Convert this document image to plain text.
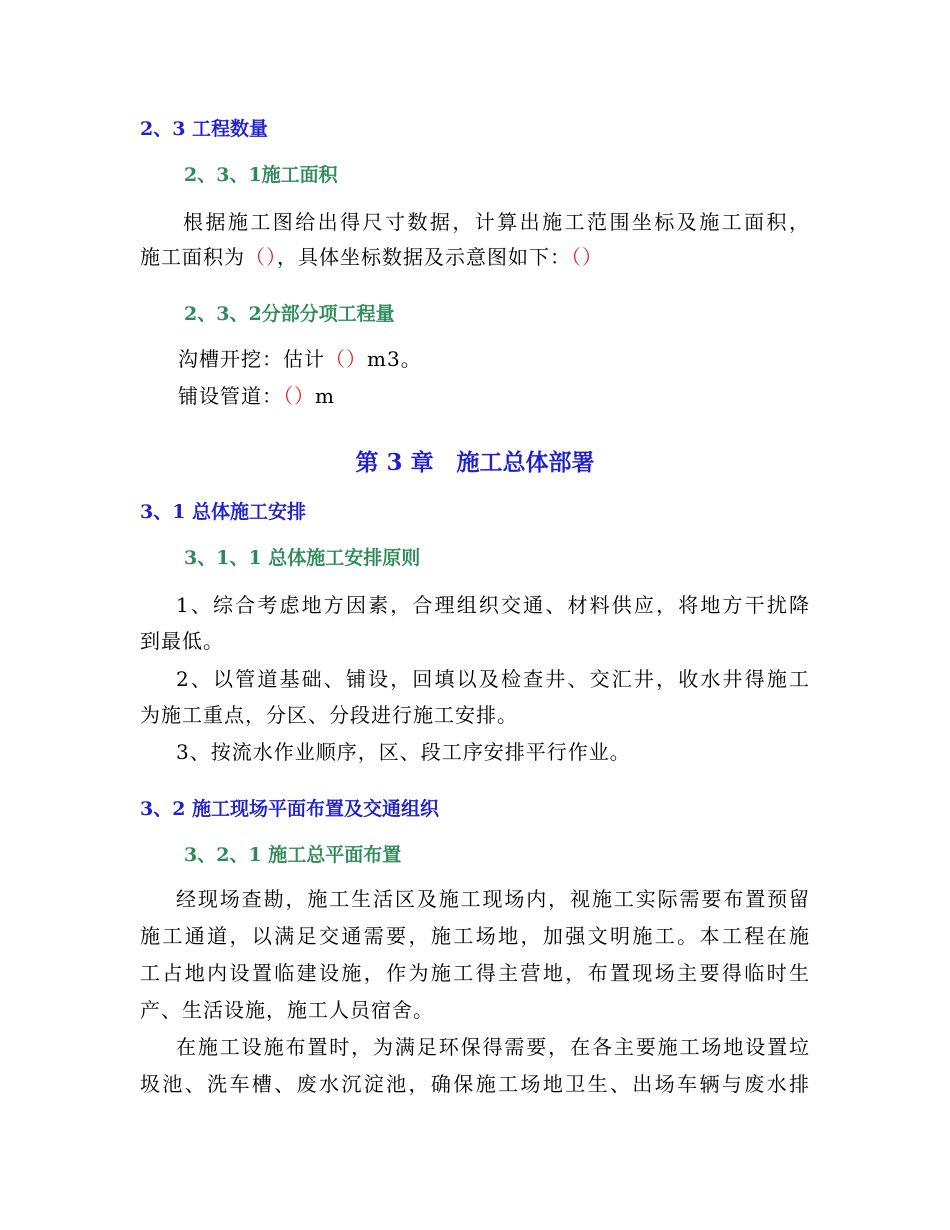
2、3 工程数量
2、3、1施工面积
根据施工图给出得尺寸数据，计算出施工范围坐标及施工面积，
施工面积为（），具体坐标数据及示意图如下：（）
2、3、2分部分项工程量
沟槽开挖：估计（）m3。
铺设管道：（）m
第 3 章　施工总体部署
3、1 总体施工安排
3、1、1 总体施工安排原则
1、综合考虑地方因素，合理组织交通、材料供应，将地方干扰降
到最低。
2、以管道基础、铺设，回填以及检查井、交汇井，收水井得施工
为施工重点，分区、分段进行施工安排。
3、按流水作业顺序，区、段工序安排平行作业。
3、2 施工现场平面布置及交通组织
3、2、1 施工总平面布置
经现场查勘，施工生活区及施工现场内，视施工实际需要布置预留
施工通道，以满足交通需要，施工场地，加强文明施工。本工程在施
工占地内设置临建设施，作为施工得主营地，布置现场主要得临时生
产、生活设施，施工人员宿舍。
在施工设施布置时，为满足环保得需要，在各主要施工场地设置垃
圾池、洗车槽、废水沉淀池，确保施工场地卫生、出场车辆与废水排
